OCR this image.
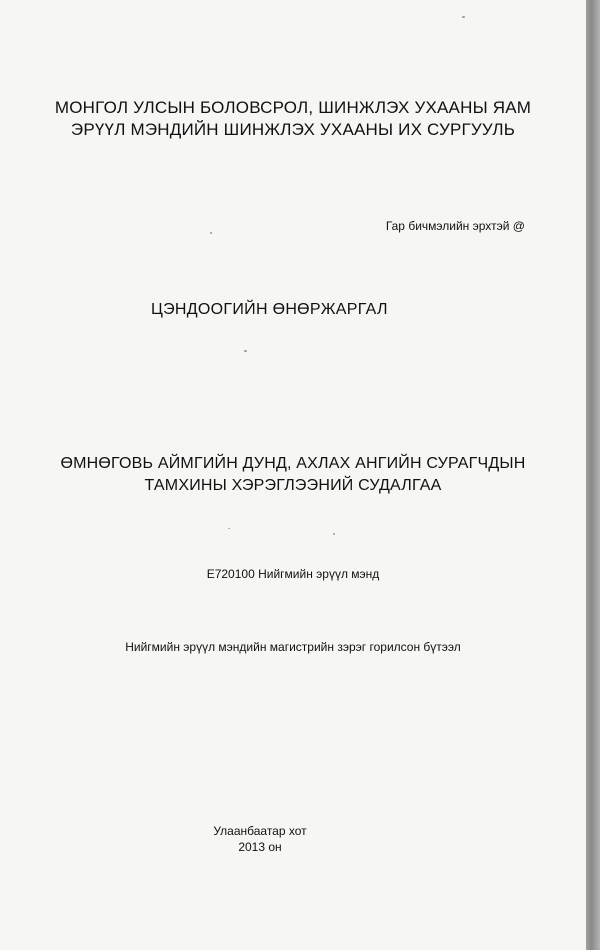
МОНГОЛ УЛСЫН БОЛОВСРОЛ, ШИНЖЛЭХ УХААНЫ ЯАМ
ЭРҮҮЛ МЭНДИЙН ШИНЖЛЭХ УХААНЫ ИХ СУРГУУЛЬ
Гар бичмэлийн эрхтэй @
ЦЭНДООГИЙН ӨНӨРЖАРГАЛ
ӨМНӨГОВЬ АЙМГИЙН ДУНД, АХЛАХ АНГИЙН СУРАГЧДЫН
ТАМХИНЫ ХЭРЭГЛЭЭНИЙ СУДАЛГАА
Е720100 Нийгмийн эрүүл мэнд
Нийгмийн эрүүл мэндийн магистрийн зэрэг горилсон бүтээл
Улаанбаатар хот
2013 он
